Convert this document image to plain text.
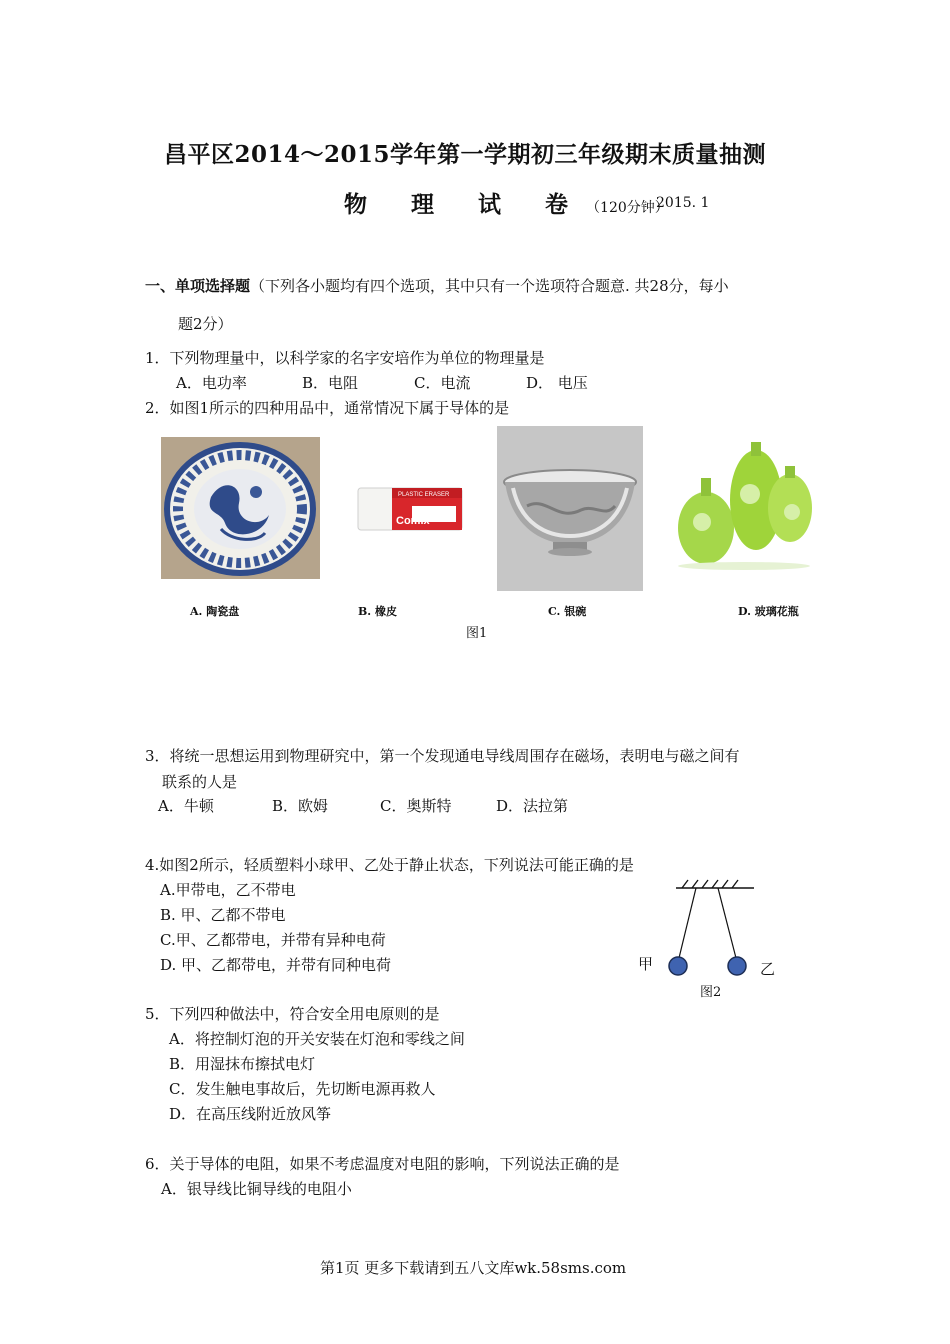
昌平区2014～2015学年第一学期初三年级期末质量抽测
物 理 试 卷（120分钟）
2015. 1
一、单项选择题（下列各小题均有四个选项，其中只有一个选项符合题意. 共28分，每小
题2分）
1．下列物理量中，以科学家的名字安培作为单位的物理量是
A．电功率	B．电阻	C．电流	D． 电压
2．如图1所示的四种用品中，通常情况下属于导体的是
PLASTIC ERASER
Comix
A. 陶瓷盘	B. 橡皮	C. 银碗	D. 玻璃花瓶
图1
3．将统一思想运用到物理研究中，第一个发现通电导线周围存在磁场，表明电与磁之间有
联系的人是
A．牛顿	B．欧姆	C．奥斯特	D．法拉第
4.如图2所示，轻质塑料小球甲、乙处于静止状态，下列说法可能正确的是
A.甲带电，乙不带电
B. 甲、乙都不带电
C.甲、乙都带电，并带有异种电荷
D. 甲、乙都带电，并带有同种电荷	甲	乙
图2
5．下列四种做法中，符合安全用电原则的是
A．将控制灯泡的开关安装在灯泡和零线之间
B．用湿抹布擦拭电灯
C．发生触电事故后，先切断电源再救人
D．在高压线附近放风筝
6．关于导体的电阻，如果不考虑温度对电阻的影响，下列说法正确的是
A．银导线比铜导线的电阻小
第1页 更多下载请到五八文库wk.58sms.com
